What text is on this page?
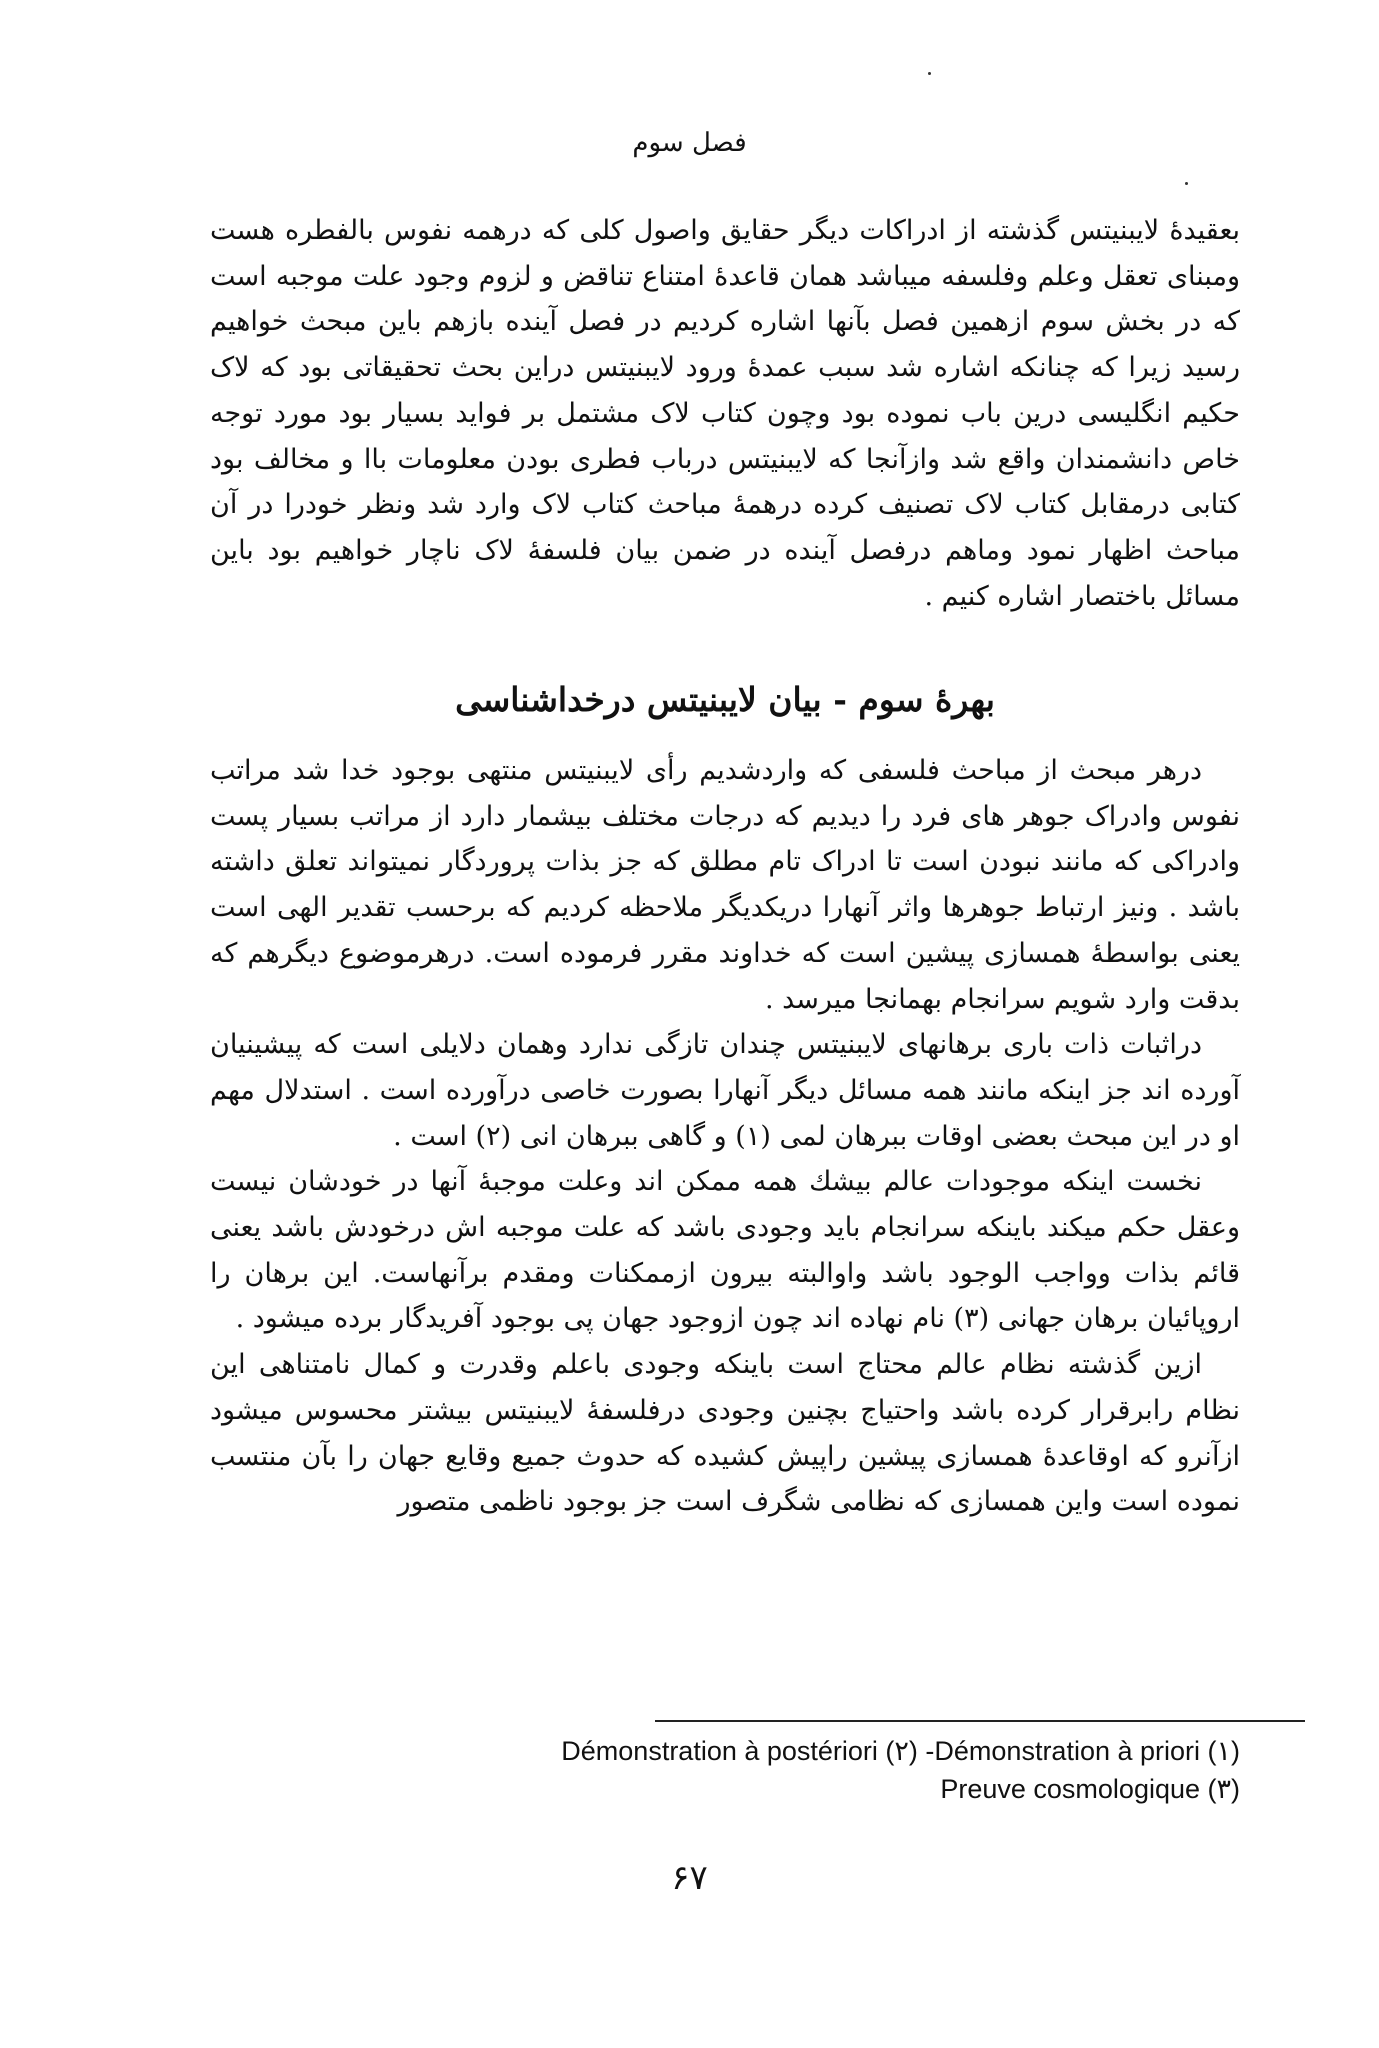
فصل سوم

بعقیدهٔ لایبنیتس گذشته از ادراکات دیگر حقایق واصول کلی که درهمه نفوس بالفطره هست ومبنای تعقل وعلم وفلسفه میباشد همان قاعدهٔ امتناع تناقض و لزوم وجود علت موجبه است که در بخش سوم ازهمین فصل بآنها اشاره کردیم در فصل آینده بازهم باین مبحث خواهیم رسید زیرا که چنانکه اشاره شد سبب عمدهٔ ورود لایبنیتس دراین بحث تحقیقاتی بود که لاک حکیم انگلیسی درین باب نموده بود وچون کتاب لاک مشتمل بر فواید بسیار بود مورد توجه خاص دانشمندان واقع شد وازآنجا که لایبنیتس درباب فطری بودن معلومات باا و مخالف بود کتابی درمقابل کتاب لاک تصنیف کرده درهمهٔ مباحث کتاب لاک وارد شد ونظر خودرا در آن مباحث اظهار نمود وماهم درفصل آینده در ضمن بیان فلسفهٔ لاک ناچار خواهیم بود باین مسائل باختصار اشاره کنیم .

بهرهٔ سوم - بیان لایبنیتس درخداشناسی

درهر مبحث از مباحث فلسفی که واردشدیم رأی لایبنیتس منتهی بوجود خدا شد مراتب نفوس وادراک جوهر های فرد را دیدیم که درجات مختلف بیشمار دارد از مراتب بسیار پست وادراکی که مانند نبودن است تا ادراک تام مطلق که جز بذات پروردگار نمیتواند تعلق داشته باشد . ونیز ارتباط جوهرها واثر آنهارا دریکدیگر ملاحظه کردیم که برحسب تقدیر الهی است یعنی بواسطهٔ همسازی پیشین است که خداوند مقرر فرموده است. درهرموضوع دیگرهم که بدقت وارد شویم سرانجام بهمانجا میرسد .

دراثبات ذات باری برهانهای لایبنیتس چندان تازگی ندارد وهمان دلایلی است که پیشینیان آورده اند جز اینکه مانند همه مسائل دیگر آنهارا بصورت خاصی درآورده است . استدلال مهم او در این مبحث بعضی اوقات ببرهان لمی (۱) و گاهی ببرهان انی (۲) است .

نخست اینکه موجودات عالم بیشك همه ممکن اند وعلت موجبهٔ آنها در خودشان نیست وعقل حکم میکند باینکه سرانجام باید وجودی باشد که علت موجبه اش درخودش باشد یعنی قائم بذات وواجب الوجود باشد واوالبته بیرون ازممکنات ومقدم برآنهاست. این برهان را اروپائیان برهان جهانی (۳) نام نهاده اند چون ازوجود جهان پی بوجود آفریدگار برده میشود .

ازین گذشته نظام عالم محتاج است باینکه وجودی باعلم وقدرت و کمال نامتناهی این نظام رابرقرار کرده باشد واحتیاج بچنین وجودی درفلسفهٔ لایبنیتس بیشتر محسوس میشود ازآنرو که اوقاعدهٔ همسازی پیشین راپیش کشیده که حدوث جمیع وقایع جهان را بآن منتسب نموده است واین همسازی که نظامی شگرف است جز بوجود ناظمی متصور

Démonstration à postériori (۲) -Démonstration à priori (۱)
Preuve cosmologique (۳)
۶۷
